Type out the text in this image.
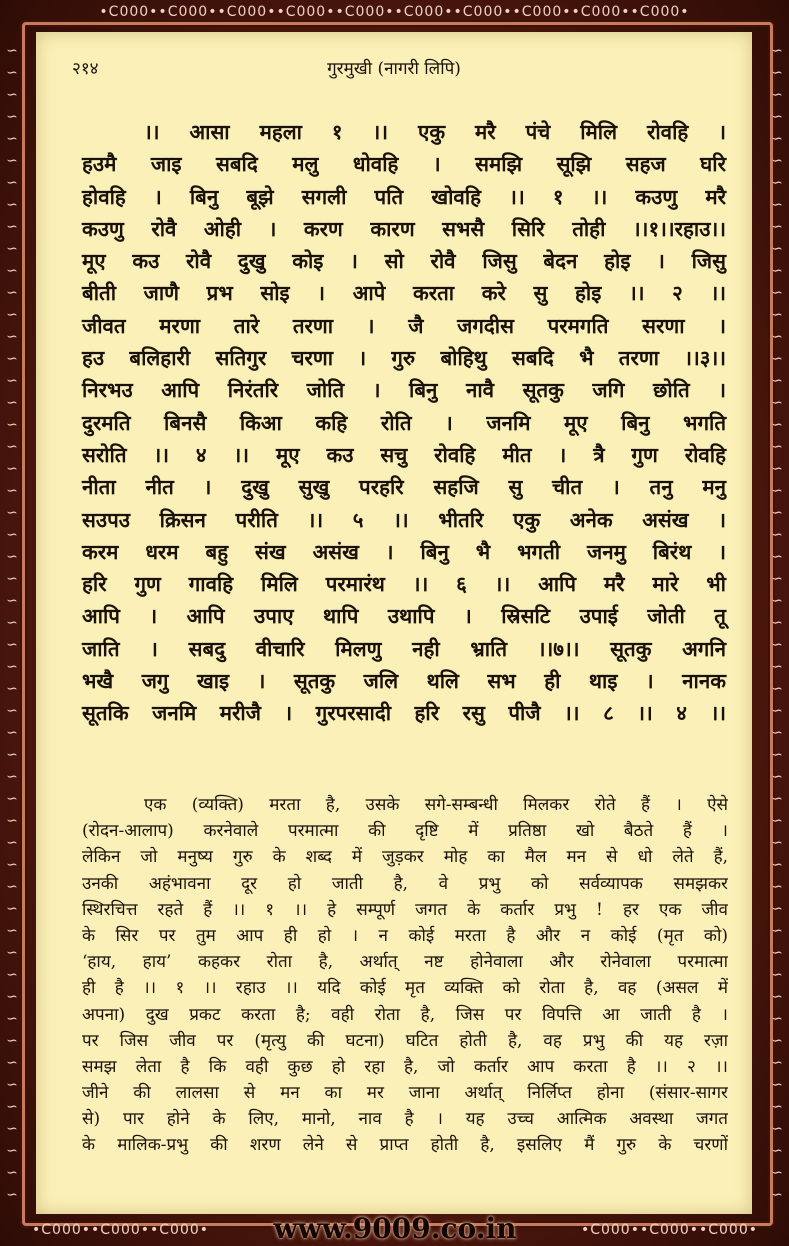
•C000••C000••C000••C000••C000••C000••C000••C000••C000••C000•
∽
∽
∽
∽
∽
∽
∽
∽
∽
∽
∽
∽
∽
∽
∽
∽
∽
∽
∽
∽
∽
∽
∽
∽
∽
∽
∽
∽
∽
∽
∽
∽
∽
∽
∽
∽
∽
∽
∽
∽
∽
∽
∽
∽
∽
∽
∽
∽
∽
∽
∽
∽
∽
∽
∽
∽
∽
∽
∽
∽
∽
∽
∽
∽
∽
∽
∽
∽
∽
∽
∽
∽
∽
∽
∽
∽
∽
∽
∽
∽
∽
∽
∽
∽
∽
∽
∽
∽
∽
∽
∽
∽
∽
∽
∽
∽
∽
∽
∽
∽
∽
∽
∽
∽
∽
∽
•C000••C000••C000•	•C000••C000••C000•
२१४	गुरमुखी (नागरी लिपि)
।। आसा महला १ ।। एकु मरै पंचे मिलि रोवहि ।
हउमै जाइ सबदि मलु धोवहि । समझि सूझि सहज घरि
होवहि । बिनु बूझे सगली पति खोवहि ।। १ ।। कउणु मरै
कउणु रोवै ओही । करण कारण सभसै सिरि तोही ।।१।।रहाउ।।
मूए कउ रोवै दुखु कोइ । सो रोवै जिसु बेदन होइ । जिसु
बीती जाणै प्रभ सोइ । आपे करता करे सु होइ ।। २ ।।
जीवत मरणा तारे तरणा । जै जगदीस परमगति सरणा ।
हउ बलिहारी सतिगुर चरणा । गुरु बोहिथु सबदि भै तरणा ।।३।।
निरभउ आपि निरंतरि जोति । बिनु नावै सूतकु जगि छोति ।
दुरमति बिनसै किआ कहि रोति । जनमि मूए बिनु भगति
सरोति ।। ४ ।। मूए कउ सचु रोवहि मीत । त्रै गुण रोवहि
नीता नीत । दुखु सुखु परहरि सहजि सु चीत । तनु मनु
सउपउ क्रिसन परीति ।। ५ ।। भीतरि एकु अनेक असंख ।
करम धरम बहु संख असंख । बिनु भै भगती जनमु बिरंथ ।
हरि गुण गावहि मिलि परमारंथ ।। ६ ।। आपि मरै मारे भी
आपि । आपि उपाए थापि उथापि । स्रिसटि उपाई जोती तू
जाति । सबदु वीचारि मिलणु नही भ्राति ।।७।। सूतकु अगनि
भखै जगु खाइ । सूतकु जलि थलि सभ ही थाइ । नानक
सूतकि जनमि मरीजै । गुरपरसादी हरि रसु पीजै ।। ८ ।। ४ ।।
एक (व्यक्ति) मरता है, उसके सगे-सम्बन्धी मिलकर रोते हैं । ऐसे
(रोदन-आलाप) करनेवाले परमात्मा की दृष्टि में प्रतिष्ठा खो बैठते हैं ।
लेकिन जो मनुष्य गुरु के शब्द में जुड़कर मोह का मैल मन से धो लेते हैं,
उनकी अहंभावना दूर हो जाती है, वे प्रभु को सर्वव्यापक समझकर
स्थिरचित्त रहते हैं ।। १ ।। हे सम्पूर्ण जगत के कर्तार प्रभु ! हर एक जीव
के सिर पर तुम आप ही हो । न कोई मरता है और न कोई (मृत को)
‘हाय, हाय’ कहकर रोता है, अर्थात् नष्ट होनेवाला और रोनेवाला परमात्मा
ही है ।। १ ।। रहाउ ।। यदि कोई मृत व्यक्ति को रोता है, वह (असल में
अपना) दुख प्रकट करता है; वही रोता है, जिस पर विपत्ति आ जाती है ।
पर जिस जीव पर (मृत्यु की घटना) घटित होती है, वह प्रभु की यह रज़ा
समझ लेता है कि वही कुछ हो रहा है, जो कर्तार आप करता है ।। २ ।।
जीने की लालसा से मन का मर जाना अर्थात् निर्लिप्त होना (संसार-सागर
से) पार होने के लिए, मानो, नाव है । यह उच्च आत्मिक अवस्था जगत
के मालिक-प्रभु की शरण लेने से प्राप्त होती है, इसलिए मैं गुरु के चरणों
www.9009.co.in
